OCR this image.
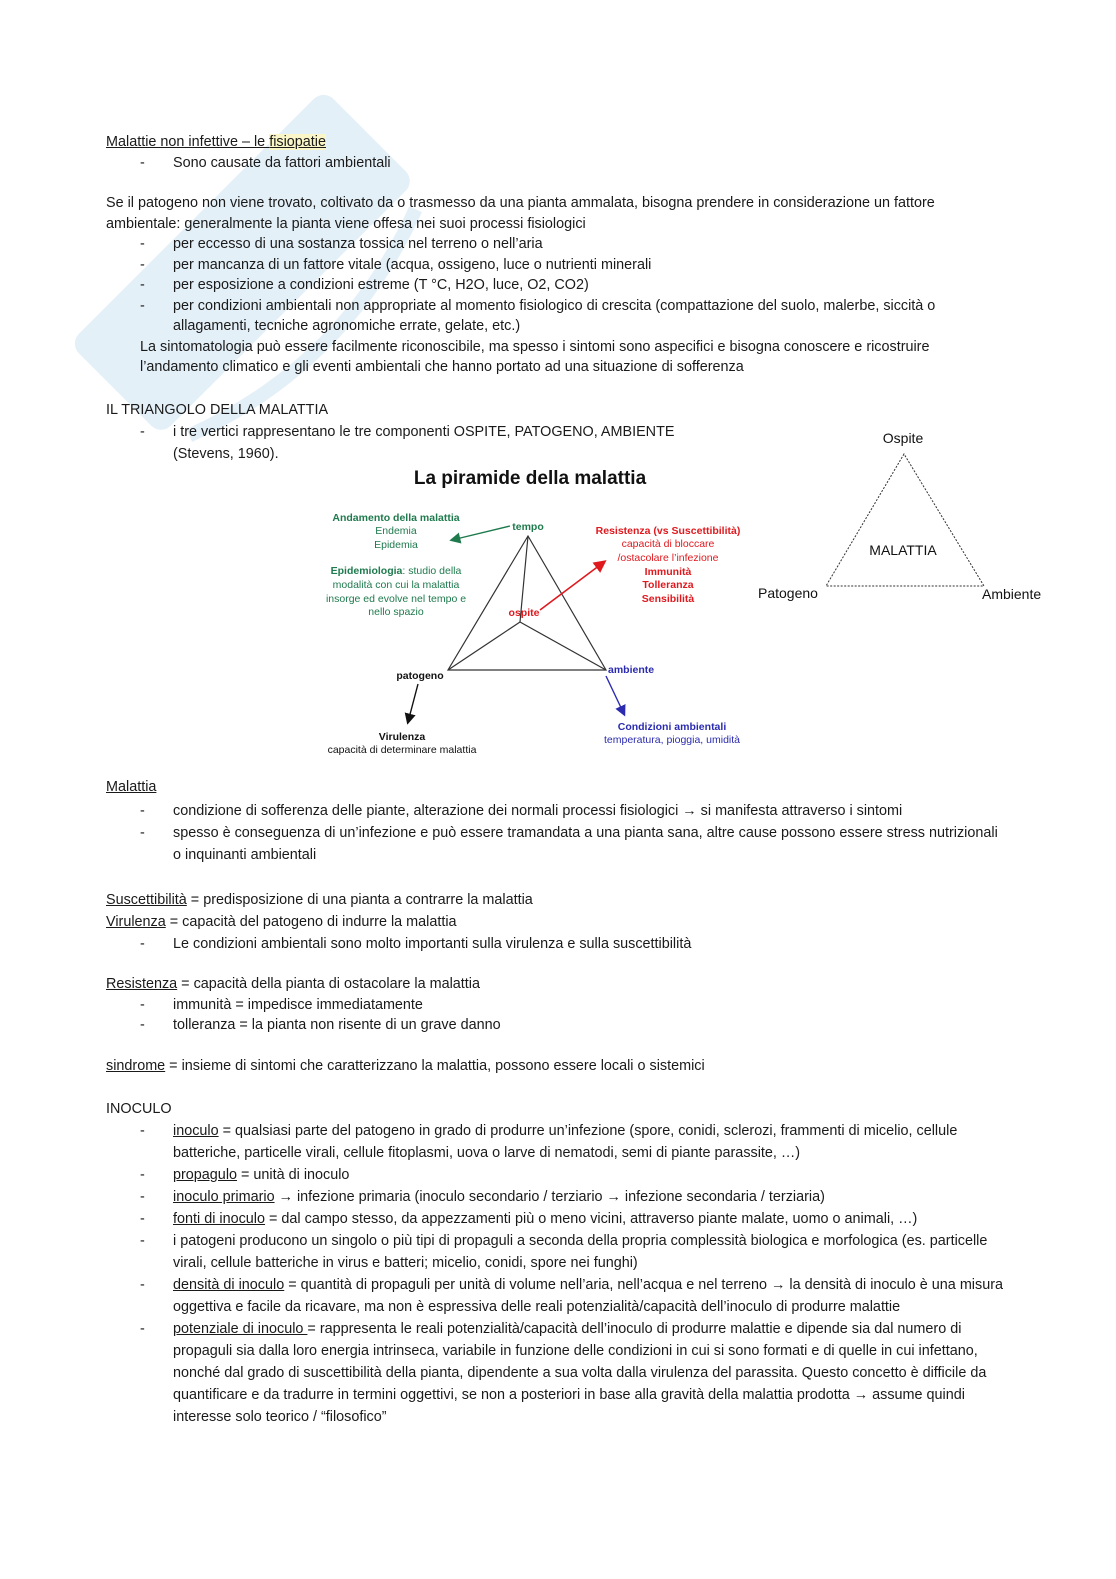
Malattie non infettive – le fisiopatie
- Sono causate da fattori ambientali
Se il patogeno non viene trovato, coltivato da o trasmesso da una pianta ammalata, bisogna prendere in considerazione un fattore ambientale: generalmente la pianta viene offesa nei suoi processi fisiologici
- per eccesso di una sostanza tossica nel terreno o nell’aria
- per mancanza di un fattore vitale (acqua, ossigeno, luce o nutrienti minerali
- per esposizione a condizioni estreme (T °C, H2O, luce, O2, CO2)
- per condizioni ambientali non appropriate al momento fisiologico di crescita (compattazione del suolo, malerbe, siccità o allagamenti, tecniche agronomiche errate, gelate, etc.)
La sintomatologia può essere facilmente riconoscibile, ma spesso i sintomi sono aspecifici e bisogna conoscere e ricostruire l’andamento climatico e gli eventi ambientali che hanno portato ad una situazione di sofferenza
IL TRIANGOLO DELLA MALATTIA
- i tre vertici rappresentano le tre componenti OSPITE, PATOGENO, AMBIENTE
(Stevens, 1960).
La piramide della malattia
tempo
ospite
patogeno	ambiente
Andamento della malattia
Endemia
Epidemia
Epidemiologia: studio della
modalità con cui la malattia
insorge ed evolve nel tempo e
nello spazio
Resistenza (vs Suscettibilità)
capacità di bloccare
/ostacolare l’infezione
Immunità
Tolleranza
Sensibilità
Virulenza
capacità di determinare malattia
Condizioni ambientali
temperatura, pioggia, umidità
Ospite
MALATTIA
Patogeno	Ambiente
Malattia
- condizione di sofferenza delle piante, alterazione dei normali processi fisiologici → si manifesta attraverso i sintomi
- spesso è conseguenza di un’infezione e può essere tramandata a una pianta sana, altre cause possono essere stress nutrizionali o inquinanti ambientali
Suscettibilità = predisposizione di una pianta a contrarre la malattia
Virulenza = capacità del patogeno di indurre la malattia
- Le condizioni ambientali sono molto importanti sulla virulenza e sulla suscettibilità
Resistenza = capacità della pianta di ostacolare la malattia
- immunità = impedisce immediatamente
- tolleranza = la pianta non risente di un grave danno
sindrome = insieme di sintomi che caratterizzano la malattia, possono essere locali o sistemici
INOCULO
- inoculo = qualsiasi parte del patogeno in grado di produrre un’infezione (spore, conidi, sclerozi, frammenti di micelio, cellule batteriche, particelle virali, cellule fitoplasmi, uova o larve di nematodi, semi di piante parassite, …)
- propagulo = unità di inoculo
- inoculo primario → infezione primaria (inoculo secondario / terziario → infezione secondaria / terziaria)
- fonti di inoculo = dal campo stesso, da appezzamenti più o meno vicini, attraverso piante malate, uomo o animali, …)
- i patogeni producono un singolo o più tipi di propaguli a seconda della propria complessità biologica e morfologica (es. particelle virali, cellule batteriche in virus e batteri; micelio, conidi, spore nei funghi)
- densità di inoculo = quantità di propaguli per unità di volume nell’aria, nell’acqua e nel terreno → la densità di inoculo è una misura oggettiva e facile da ricavare, ma non è espressiva delle reali potenzialità/capacità dell’inoculo di produrre malattie
- potenziale di inoculo = rappresenta le reali potenzialità/capacità dell’inoculo di produrre malattie e dipende sia dal numero di propaguli sia dalla loro energia intrinseca, variabile in funzione delle condizioni in cui si sono formati e di quelle in cui infettano, nonché dal grado di suscettibilità della pianta, dipendente a sua volta dalla virulenza del parassita. Questo concetto è difficile da quantificare e da tradurre in termini oggettivi, se non a posteriori in base alla gravità della malattia prodotta → assume quindi interesse solo teorico / “filosofico”
